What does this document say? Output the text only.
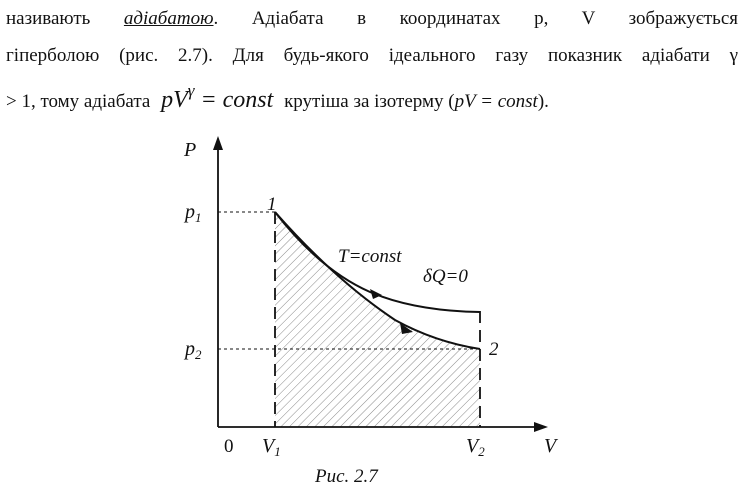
називають адіабатою. Адіабата в координатах p, V зображується
гіперболою (рис. 2.7). Для будь-якого ідеального газу показник адіабати γ
> 1, тому адіабата $pV^\gamma$ = const крутіша за ізотерму (pV = const).
P
V
0
$p_1$
$p_2$
$V_1$	$V_2$
1
2
T=const
δQ=0
Рис. 2.7
